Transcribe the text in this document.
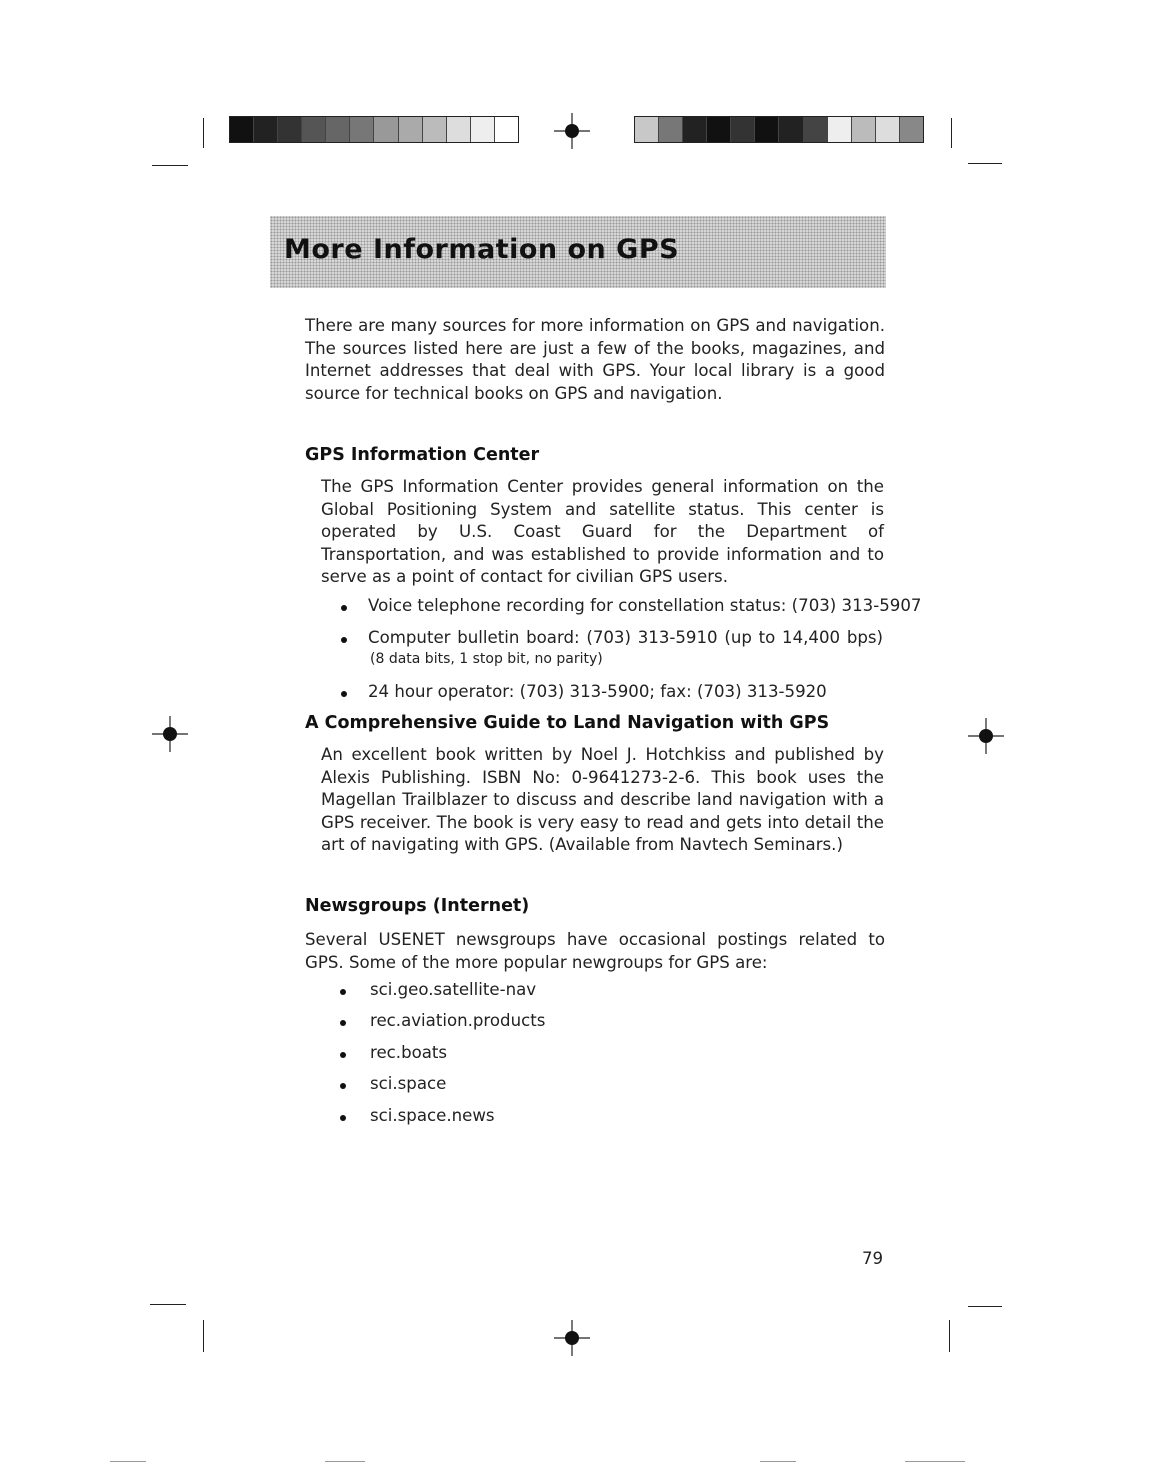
More Information on GPS
There are many sources for more information on GPS and navigation. The sources listed here are just a few of the books, magazines, and Internet addresses that deal with GPS. Your local library is a good source for technical books on GPS and navigation.
GPS Information Center
The GPS Information Center provides general information on the Global Positioning System and satellite status. This center is operated by U.S. Coast Guard for the Department of Transportation, and was established to provide information and to serve as a point of contact for civilian GPS users.
Voice telephone recording for constellation status: (703) 313-5907
Computer bulletin board: (703) 313-5910 (up to 14,400 bps)
(8 data bits, 1 stop bit, no parity)
24 hour operator: (703) 313-5900; fax: (703) 313-5920
A Comprehensive Guide to Land Navigation with GPS
An excellent book written by Noel J. Hotchkiss and published by Alexis Publishing. ISBN No: 0-9641273-2-6. This book uses the Magellan Trailblazer to discuss and describe land navigation with a GPS receiver. The book is very easy to read and gets into detail the art of navigating with GPS. (Available from Navtech Seminars.)
Newsgroups (Internet)
Several USENET newsgroups have occasional postings related to GPS. Some of the more popular newgroups for GPS are:
sci.geo.satellite-nav
rec.aviation.products
rec.boats
sci.space
sci.space.news
79
